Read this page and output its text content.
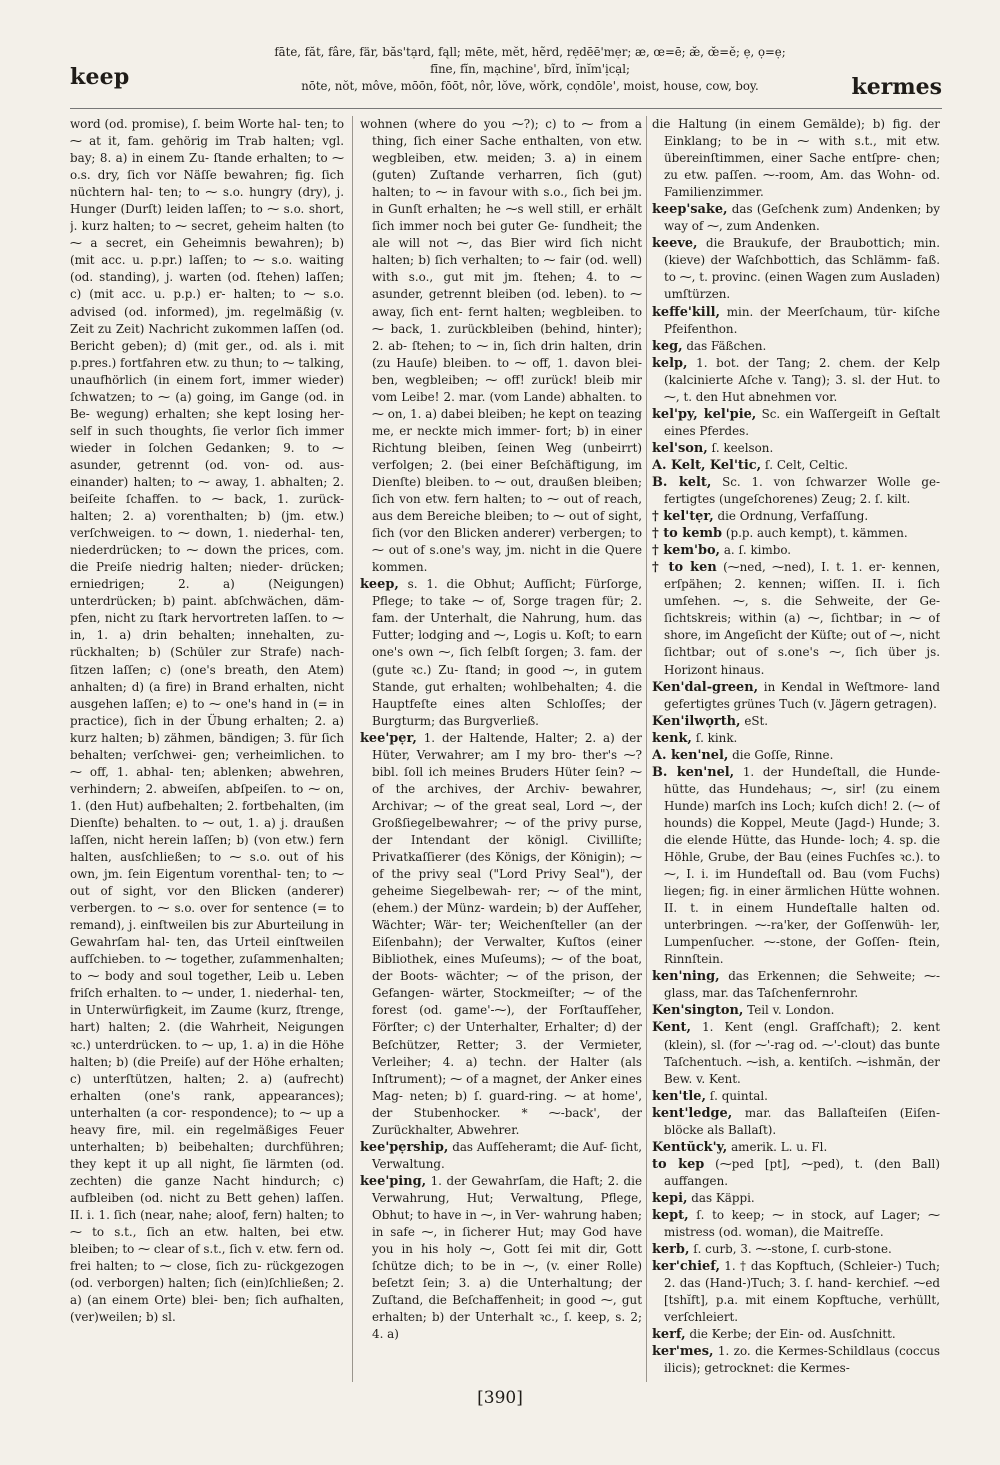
keep
fāte, făt, fâre, fär, băs'tạrd, fąll; mēte, mĕt, hẽrd, rẹdēē'mẹr; æ, œ=ē; æ̆, œ̆=ĕ; ẹ, ọ=ẹ;
fīne, fĭn, mạchine', bĩrd, ĭnĭm'ịcạl;
nōte, nŏt, môve, mōōn, fōōt, nôr, lŏve, wŏrk, cọndōle', moist, house, cow, boy.	kermes

word (od. promise), ſ. beim Worte hal- ten; to ⁓ at it, fam. gehörig im Trab halten; vgl. bay; 8. a) in einem Zu- ſtande erhalten; to ⁓ o.s. dry, ſich vor Näſſe bewahren; fig. ſich nüchtern hal- ten; to ⁓ s.o. hungry (dry), j. Hunger (Durſt) leiden laſſen; to ⁓ s.o. short, j. kurz halten; to ⁓ secret, geheim halten (to ⁓ a secret, ein Geheimnis bewahren); b) (mit acc. u. p.pr.) laſſen; to ⁓ s.o. waiting (od. standing), j. warten (od. ſtehen) laſſen; c) (mit acc. u. p.p.) er- halten; to ⁓ s.o. advised (od. informed), jm. regelmäßig (v. Zeit zu Zeit) Nachricht zukommen laſſen (od. Bericht geben); d) (mit ger., od. als i. mit p.pres.) fortfahren etw. zu thun; to ⁓ talking, unaufhörlich (in einem fort, immer wieder) ſchwatzen; to ⁓ (a) going, im Gange (od. in Be- wegung) erhalten; she kept losing her- self in such thoughts, ſie verlor ſich immer wieder in ſolchen Gedanken; 9. to ⁓ asunder, getrennt (od. von- od. aus- einander) halten; to ⁓ away, 1. abhalten; 2. beiſeite ſchaffen. to ⁓ back, 1. zurück- halten; 2. a) vorenthalten; b) (jm. etw.) verſchweigen. to ⁓ down, 1. niederhal- ten, niederdrücken; to ⁓ down the prices, com. die Preiſe niedrig halten; nieder- drücken; erniedrigen; 2. a) (Neigungen) unterdrücken; b) paint. abſchwächen, däm- pfen, nicht zu ſtark hervortreten laſſen. to ⁓ in, 1. a) drin behalten; innehalten, zu- rückhalten; b) (Schüler zur Strafe) nach- ſitzen laſſen; c) (one's breath, den Atem) anhalten; d) (a fire) in Brand erhalten, nicht ausgehen laſſen; e) to ⁓ one's hand in (= in practice), ſich in der Übung erhalten; 2. a) kurz halten; b) zähmen, bändigen; 3. für ſich behalten; verſchwei- gen; verheimlichen. to ⁓ off, 1. abhal- ten; ablenken; abwehren, verhindern; 2. abweiſen, abſpeiſen. to ⁓ on, 1. (den Hut) aufbehalten; 2. fortbehalten, (im Dienſte) behalten. to ⁓ out, 1. a) j. draußen laſſen, nicht herein laſſen; b) (von etw.) fern halten, ausſchließen; to ⁓ s.o. out of his own, jm. ſein Eigentum vorenthal- ten; to ⁓ out of sight, vor den Blicken (anderer) verbergen. to ⁓ s.o. over for sentence (= to remand), j. einſtweilen bis zur Aburteilung in Gewahrſam hal- ten, das Urteil einſtweilen aufſchieben. to ⁓ together, zuſammenhalten; to ⁓ body and soul together, Leib u. Leben friſch erhalten. to ⁓ under, 1. niederhal- ten, in Unterwürfigkeit, im Zaume (kurz, ſtrenge, hart) halten; 2. (die Wahrheit, Neigungen ꝛc.) unterdrücken. to ⁓ up, 1. a) in die Höhe halten; b) (die Preiſe) auf der Höhe erhalten; c) unterſtützen, halten; 2. a) (aufrecht) erhalten (one's rank, appearances); unterhalten (a cor- respondence); to ⁓ up a heavy fire, mil. ein regelmäßiges Feuer unterhalten; b) beibehalten; durchführen; they kept it up all night, ſie lärmten (od. zechten) die ganze Nacht hindurch; c) aufbleiben (od. nicht zu Bett gehen) laſſen. II. i. 1. ſich (near, nahe; aloof, fern) halten; to ⁓ to s.t., ſich an etw. halten, bei etw. bleiben; to ⁓ clear of s.t., ſich v. etw. fern od. frei halten; to ⁓ close, ſich zu- rückgezogen (od. verborgen) halten; ſich (ein)ſchließen; 2. a) (an einem Orte) blei- ben; ſich aufhalten, (ver)weilen; b) sl.

wohnen (where do you ⁓?); c) to ⁓ from a thing, ſich einer Sache enthalten, von etw. wegbleiben, etw. meiden; 3. a) in einem (guten) Zuſtande verharren, ſich (gut) halten; to ⁓ in favour with s.o., ſich bei jm. in Gunſt erhalten; he ⁓s well still, er erhält ſich immer noch bei guter Ge- ſundheit; the ale will not ⁓, das Bier wird ſich nicht halten; b) ſich verhalten; to ⁓ fair (od. well) with s.o., gut mit jm. ſtehen; 4. to ⁓ asunder, getrennt bleiben (od. leben). to ⁓ away, ſich ent- fernt halten; wegbleiben. to ⁓ back, 1. zurückbleiben (behind, hinter); 2. ab- ſtehen; to ⁓ in, ſich drin halten, drin (zu Hauſe) bleiben. to ⁓ off, 1. davon blei- ben, wegbleiben; ⁓ off! zurück! bleib mir vom Leibe! 2. mar. (vom Lande) abhalten. to ⁓ on, 1. a) dabei bleiben; he kept on teazing me, er neckte mich immer- fort; b) in einer Richtung bleiben, ſeinen Weg (unbeirrt) verfolgen; 2. (bei einer Beſchäftigung, im Dienſte) bleiben. to ⁓ out, draußen bleiben; ſich von etw. fern halten; to ⁓ out of reach, aus dem Bereiche bleiben; to ⁓ out of sight, ſich (vor den Blicken anderer) verbergen; to ⁓ out of s.one's way, jm. nicht in die Quere kommen.

keep, s. 1. die Obhut; Aufſicht; Fürſorge, Pflege; to take ⁓ of, Sorge tragen für; 2. fam. der Unterhalt, die Nahrung, hum. das Futter; lodging and ⁓, Logis u. Koſt; to earn one's own ⁓, ſich ſelbſt ſorgen; 3. fam. der (gute ꝛc.) Zu- ſtand; in good ⁓, in gutem Stande, gut erhalten; wohlbehalten; 4. die Hauptfeſte eines alten Schloſſes; der Burgturm; das Burgverließ.

kee'pẹr, 1. der Haltende, Halter; 2. a) der Hüter, Verwahrer; am I my bro- ther's ⁓? bibl. ſoll ich meines Bruders Hüter ſein? ⁓ of the archives, der Archiv- bewahrer, Archivar; ⁓ of the great seal, Lord ⁓, der Großſiegelbewahrer; ⁓ of the privy purse, der Intendant der königl. Civilliſte; Privatkaſſierer (des Königs, der Königin); ⁓ of the privy seal ("Lord Privy Seal"), der geheime Siegelbewah- rer; ⁓ of the mint, (ehem.) der Münz- wardein; b) der Aufſeher, Wächter; Wär- ter; Weichenſteller (an der Eiſenbahn); der Verwalter, Kuſtos (einer Bibliothek, eines Muſeums); ⁓ of the boat, der Boots- wächter; ⁓ of the prison, der Gefangen- wärter, Stockmeiſter; ⁓ of the forest (od. game'-⁓), der Forſtaufſeher, Förſter; c) der Unterhalter, Erhalter; d) der Beſchützer, Retter; 3. der Vermieter, Verleiher; 4. a) techn. der Halter (als Inſtrument); ⁓ of a magnet, der Anker eines Mag- neten; b) ſ. guard-ring. ⁓ at home', der Stubenhocker. * ⁓-back', der Zurückhalter, Abwehrer.

kee'pẹrship, das Aufſeheramt; die Auf- ſicht, Verwaltung.

kee'ping, 1. der Gewahrſam, die Haft; 2. die Verwahrung, Hut; Verwaltung, Pflege, Obhut; to have in ⁓, in Ver- wahrung haben; in safe ⁓, in ſicherer Hut; may God have you in his holy ⁓, Gott ſei mit dir, Gott ſchütze dich; to be in ⁓, (v. einer Rolle) beſetzt ſein; 3. a) die Unterhaltung; der Zuſtand, die Beſchaffenheit; in good ⁓, gut erhalten; b) der Unterhalt ꝛc., ſ. keep, s. 2; 4. a)

die Haltung (in einem Gemälde); b) fig. der Einklang; to be in ⁓ with s.t., mit etw. übereinſtimmen, einer Sache entſpre- chen; zu etw. paſſen. ⁓-room, Am. das Wohn- od. Familienzimmer.

keep'sake, das (Geſchenk zum) Andenken; by way of ⁓, zum Andenken.

keeve, die Braukufe, der Braubottich; min. (kieve) der Waſchbottich, das Schlämm- faß. to ⁓, t. provinc. (einen Wagen zum Ausladen) umſtürzen.

keffe'kill, min. der Meerſchaum, tür- kiſche Pfeifenthon.

keg, das Fäßchen.

kelp, 1. bot. der Tang; 2. chem. der Kelp (kalcinierte Aſche v. Tang); 3. sl. der Hut. to ⁓, t. den Hut abnehmen vor.

kel'py, kel'pie, Sc. ein Waſſergeiſt in Geſtalt eines Pferdes.

kel'son, ſ. keelson.

A. Kelt, Kel'tic, ſ. Celt, Celtic.

B. kelt, Sc. 1. von ſchwarzer Wolle ge- fertigtes (ungeſchorenes) Zeug; 2. ſ. kilt.

† kel'tẹr, die Ordnung, Verfaſſung.

† to kemb (p.p. auch kempt), t. kämmen.

† kem'bo, a. ſ. kimbo.

† to ken (⁓ned, ⁓ned), I. t. 1. er- kennen, erſpähen; 2. kennen; wiſſen. II. i. ſich umſehen. ⁓, s. die Sehweite, der Ge- ſichtskreis; within (a) ⁓, ſichtbar; in ⁓ of shore, im Angeſicht der Küſte; out of ⁓, nicht ſichtbar; out of s.one's ⁓, ſich über js. Horizont hinaus.

Ken'dal-green, in Kendal in Weſtmore- land gefertigtes grünes Tuch (v. Jägern getragen).

Ken'ilwọrth, eSt.

kenk, ſ. kink.

A. ken'nel, die Goſſe, Rinne.

B. ken'nel, 1. der Hundeſtall, die Hunde- hütte, das Hundehaus; ⁓, sir! (zu einem Hunde) marſch ins Loch; kuſch dich! 2. (⁓ of hounds) die Koppel, Meute (Jagd-) Hunde; 3. die elende Hütte, das Hunde- loch; 4. sp. die Höhle, Grube, der Bau (eines Fuchſes ꝛc.). to ⁓, I. i. im Hundeſtall od. Bau (vom Fuchs) liegen; fig. in einer ärmlichen Hütte wohnen. II. t. in einem Hundeſtalle halten od. unterbringen. ⁓-ra'ker, der Goſſenwüh- ler, Lumpenſucher. ⁓-stone, der Goſſen- ſtein, Rinnſtein.

ken'ning, das Erkennen; die Sehweite; ⁓-glass, mar. das Taſchenfernrohr.

Ken'sington, Teil v. London.

Kent, 1. Kent (engl. Grafſchaft); 2. kent (klein), sl. (for ⁓'-rag od. ⁓'-clout) das bunte Taſchentuch. ⁓ish, a. kentiſch. ⁓ishmăn, der Bew. v. Kent.

ken'tle, ſ. quintal.

kent'ledge, mar. das Ballaſteiſen (Eiſen- blöcke als Ballaſt).

Kentŭck'y, amerik. L. u. Fl.

to kep (⁓ped [pt], ⁓ped), t. (den Ball) auffangen.

kepi, das Käppi.

kept, ſ. to keep; ⁓ in stock, auf Lager; ⁓ mistress (od. woman), die Maitreſſe.

kerb, ſ. curb, 3. ⁓-stone, ſ. curb-stone.

ker'chief, 1. † das Kopftuch, (Schleier-) Tuch; 2. das (Hand-)Tuch; 3. ſ. hand- kerchief. ⁓ed [tshĭft], p.a. mit einem Kopftuche, verhüllt, verſchleiert.

kerf, die Kerbe; der Ein- od. Ausſchnitt.

ker'mes, 1. zo. die Kermes-Schildlaus (coccus ilicis); getrocknet: die Kermes-

[390]
